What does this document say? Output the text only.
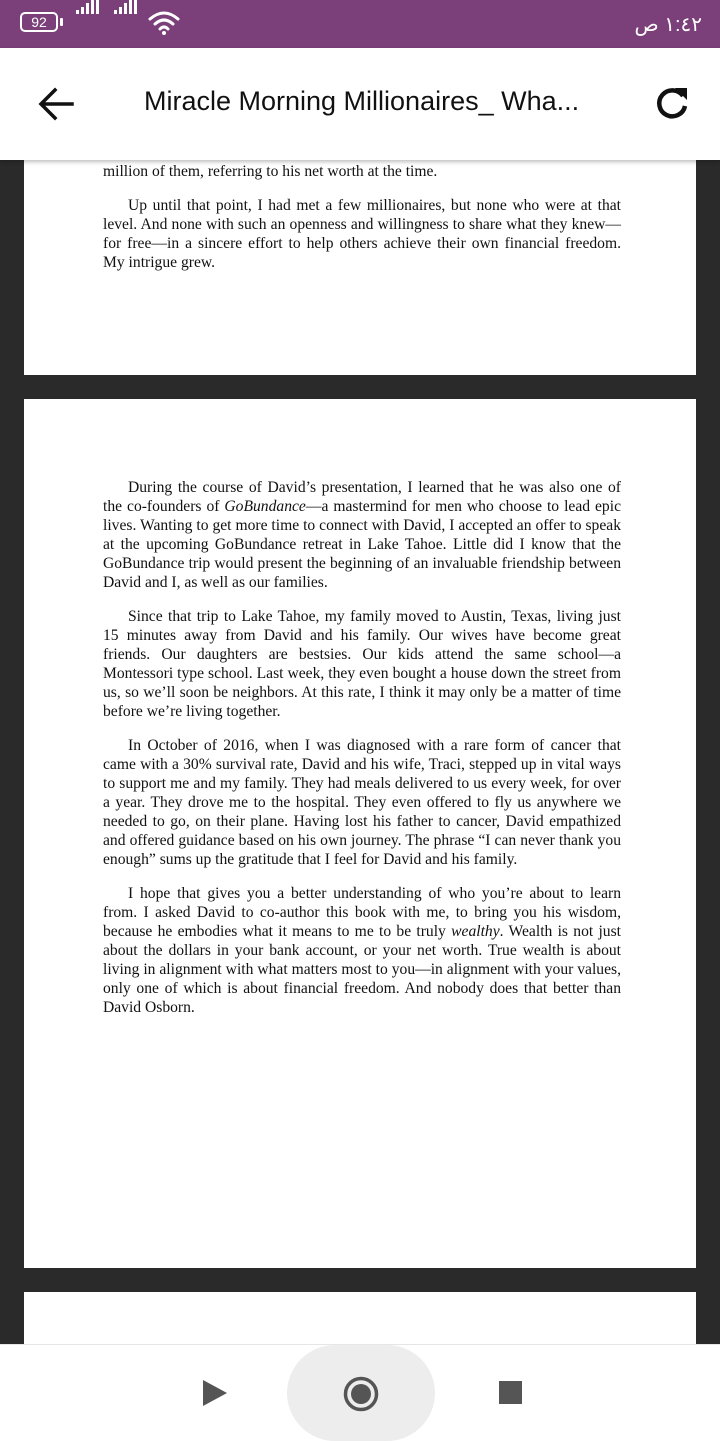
92	١:٤٢ ص
Miracle Morning Millionaires_ Wha...

million of them, referring to his net worth at the time.

Up until that point, I had met a few millionaires, but none who were at that level. And none with such an openness and willingness to share what they knew—for free—in a sincere effort to help others achieve their own financial freedom. My intrigue grew.

During the course of David’s presentation, I learned that he was also one of the co-founders of GoBundance—a mastermind for men who choose to lead epic lives. Wanting to get more time to connect with David, I accepted an offer to speak at the upcoming GoBundance retreat in Lake Tahoe. Little did I know that the GoBundance trip would present the beginning of an invaluable friendship between David and I, as well as our families.

Since that trip to Lake Tahoe, my family moved to Austin, Texas, living just 15 minutes away from David and his family. Our wives have become great friends. Our daughters are bestsies. Our kids attend the same school—a Montessori type school. Last week, they even bought a house down the street from us, so we’ll soon be neighbors. At this rate, I think it may only be a matter of time before we’re living together.

In October of 2016, when I was diagnosed with a rare form of cancer that came with a 30% survival rate, David and his wife, Traci, stepped up in vital ways to support me and my family. They had meals delivered to us every week, for over a year. They drove me to the hospital. They even offered to fly us anywhere we needed to go, on their plane. Having lost his father to cancer, David empathized and offered guidance based on his own journey. The phrase “I can never thank you enough” sums up the gratitude that I feel for David and his family.

I hope that gives you a better understanding of who you’re about to learn from. I asked David to co-author this book with me, to bring you his wisdom, because he embodies what it means to me to be truly wealthy. Wealth is not just about the dollars in your bank account, or your net worth. True wealth is about living in alignment with what matters most to you—in alignment with your values, only one of which is about financial freedom. And nobody does that better than David Osborn.
